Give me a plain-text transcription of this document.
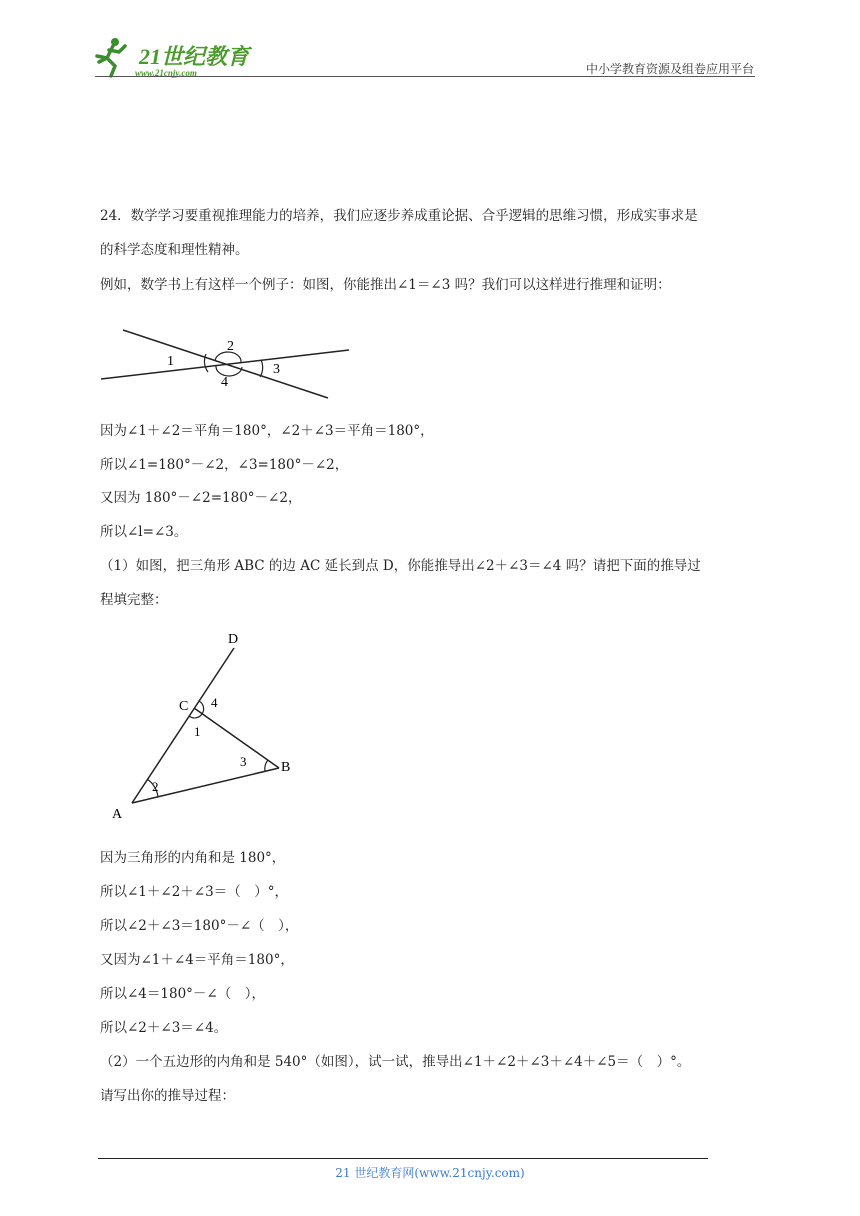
21世纪教育
www.21cnjy.com	中小学教育资源及组卷应用平台
24．数学学习要重视推理能力的培养，我们应逐步养成重论据、合乎逻辑的思维习惯，形成实事求是
的科学态度和理性精神。
例如，数学书上有这样一个例子：如图，你能推出∠1＝∠3 吗？我们可以这样进行推理和证明：
1
2
3
4
因为∠1＋∠2＝平角＝180°，∠2＋∠3＝平角＝180°，
所以∠1=180°－∠2，∠3=180°－∠2，
又因为 180°－∠2=180°－∠2，
所以∠l=∠3。
（1）如图，把三角形 ABC 的边 AC 延长到点 D，你能推导出∠2＋∠3＝∠4 吗？请把下面的推导过
程填完整：
D
C
B
A
4
1
3
2
因为三角形的内角和是 180°，
所以∠1＋∠2＋∠3＝（　）°，
所以∠2＋∠3＝180°－∠（　），
又因为∠1＋∠4＝平角＝180°，
所以∠4＝180°－∠（　），
所以∠2＋∠3＝∠4。
（2）一个五边形的内角和是 540°（如图），试一试，推导出∠1＋∠2＋∠3＋∠4＋∠5＝（　）°。
请写出你的推导过程：
21 世纪教育网(www.21cnjy.com)
